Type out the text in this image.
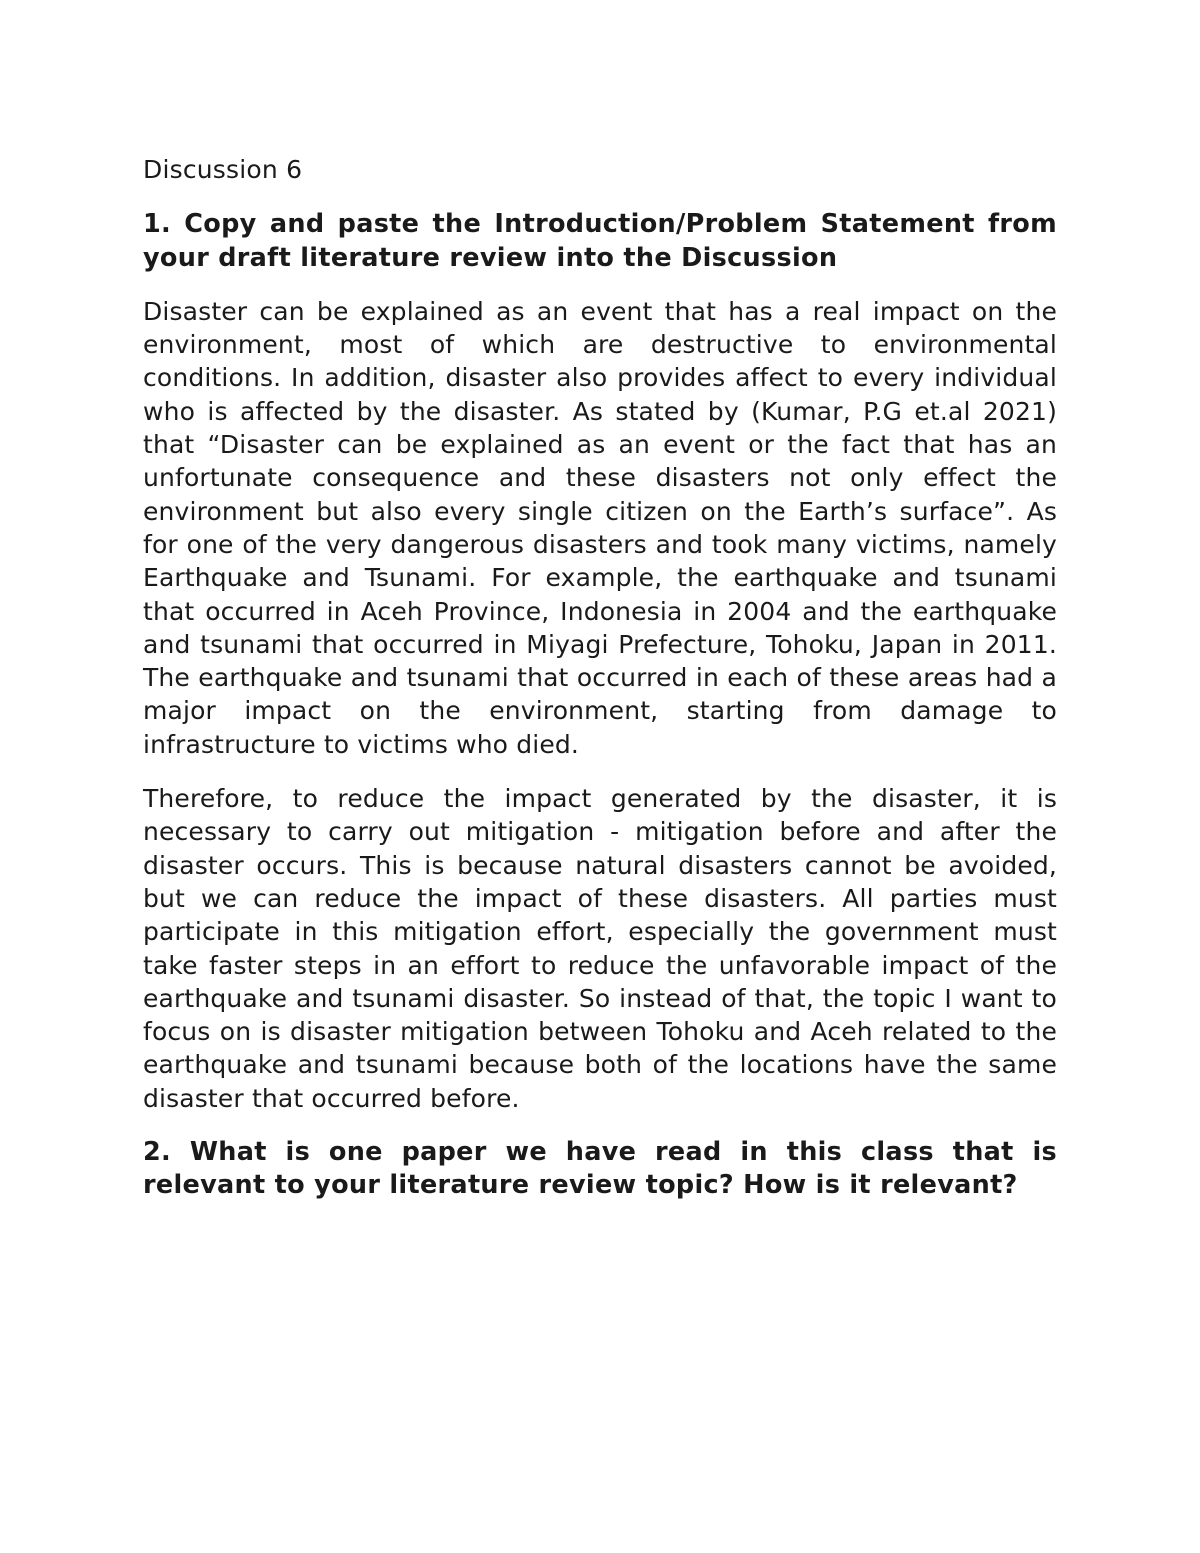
Discussion 6
1. Copy and paste the Introduction/Problem Statement from your draft literature review into the Discussion
Disaster can be explained as an event that has a real impact on the environment, most of which are destructive to environmental conditions. In addition, disaster also provides affect to every individual who is affected by the disaster. As stated by (Kumar, P.G et.al 2021) that “Disaster can be explained as an event or the fact that has an unfortunate consequence and these disasters not only effect the environment but also every single citizen on the Earth’s surface”. As for one of the very dangerous disasters and took many victims, namely Earthquake and Tsunami. For example, the earthquake and tsunami that occurred in Aceh Province, Indonesia in 2004 and the earthquake and tsunami that occurred in Miyagi Prefecture, Tohoku, Japan in 2011. The earthquake and tsunami that occurred in each of these areas had a major impact on the environment, starting from damage to infrastructure to victims who died.
Therefore, to reduce the impact generated by the disaster, it is necessary to carry out mitigation - mitigation before and after the disaster occurs. This is because natural disasters cannot be avoided, but we can reduce the impact of these disasters. All parties must participate in this mitigation effort, especially the government must take faster steps in an effort to reduce the unfavorable impact of the earthquake and tsunami disaster. So instead of that, the topic I want to focus on is disaster mitigation between Tohoku and Aceh related to the earthquake and tsunami because both of the locations have the same disaster that occurred before.
2. What is one paper we have read in this class that is relevant to your literature review topic? How is it relevant?
